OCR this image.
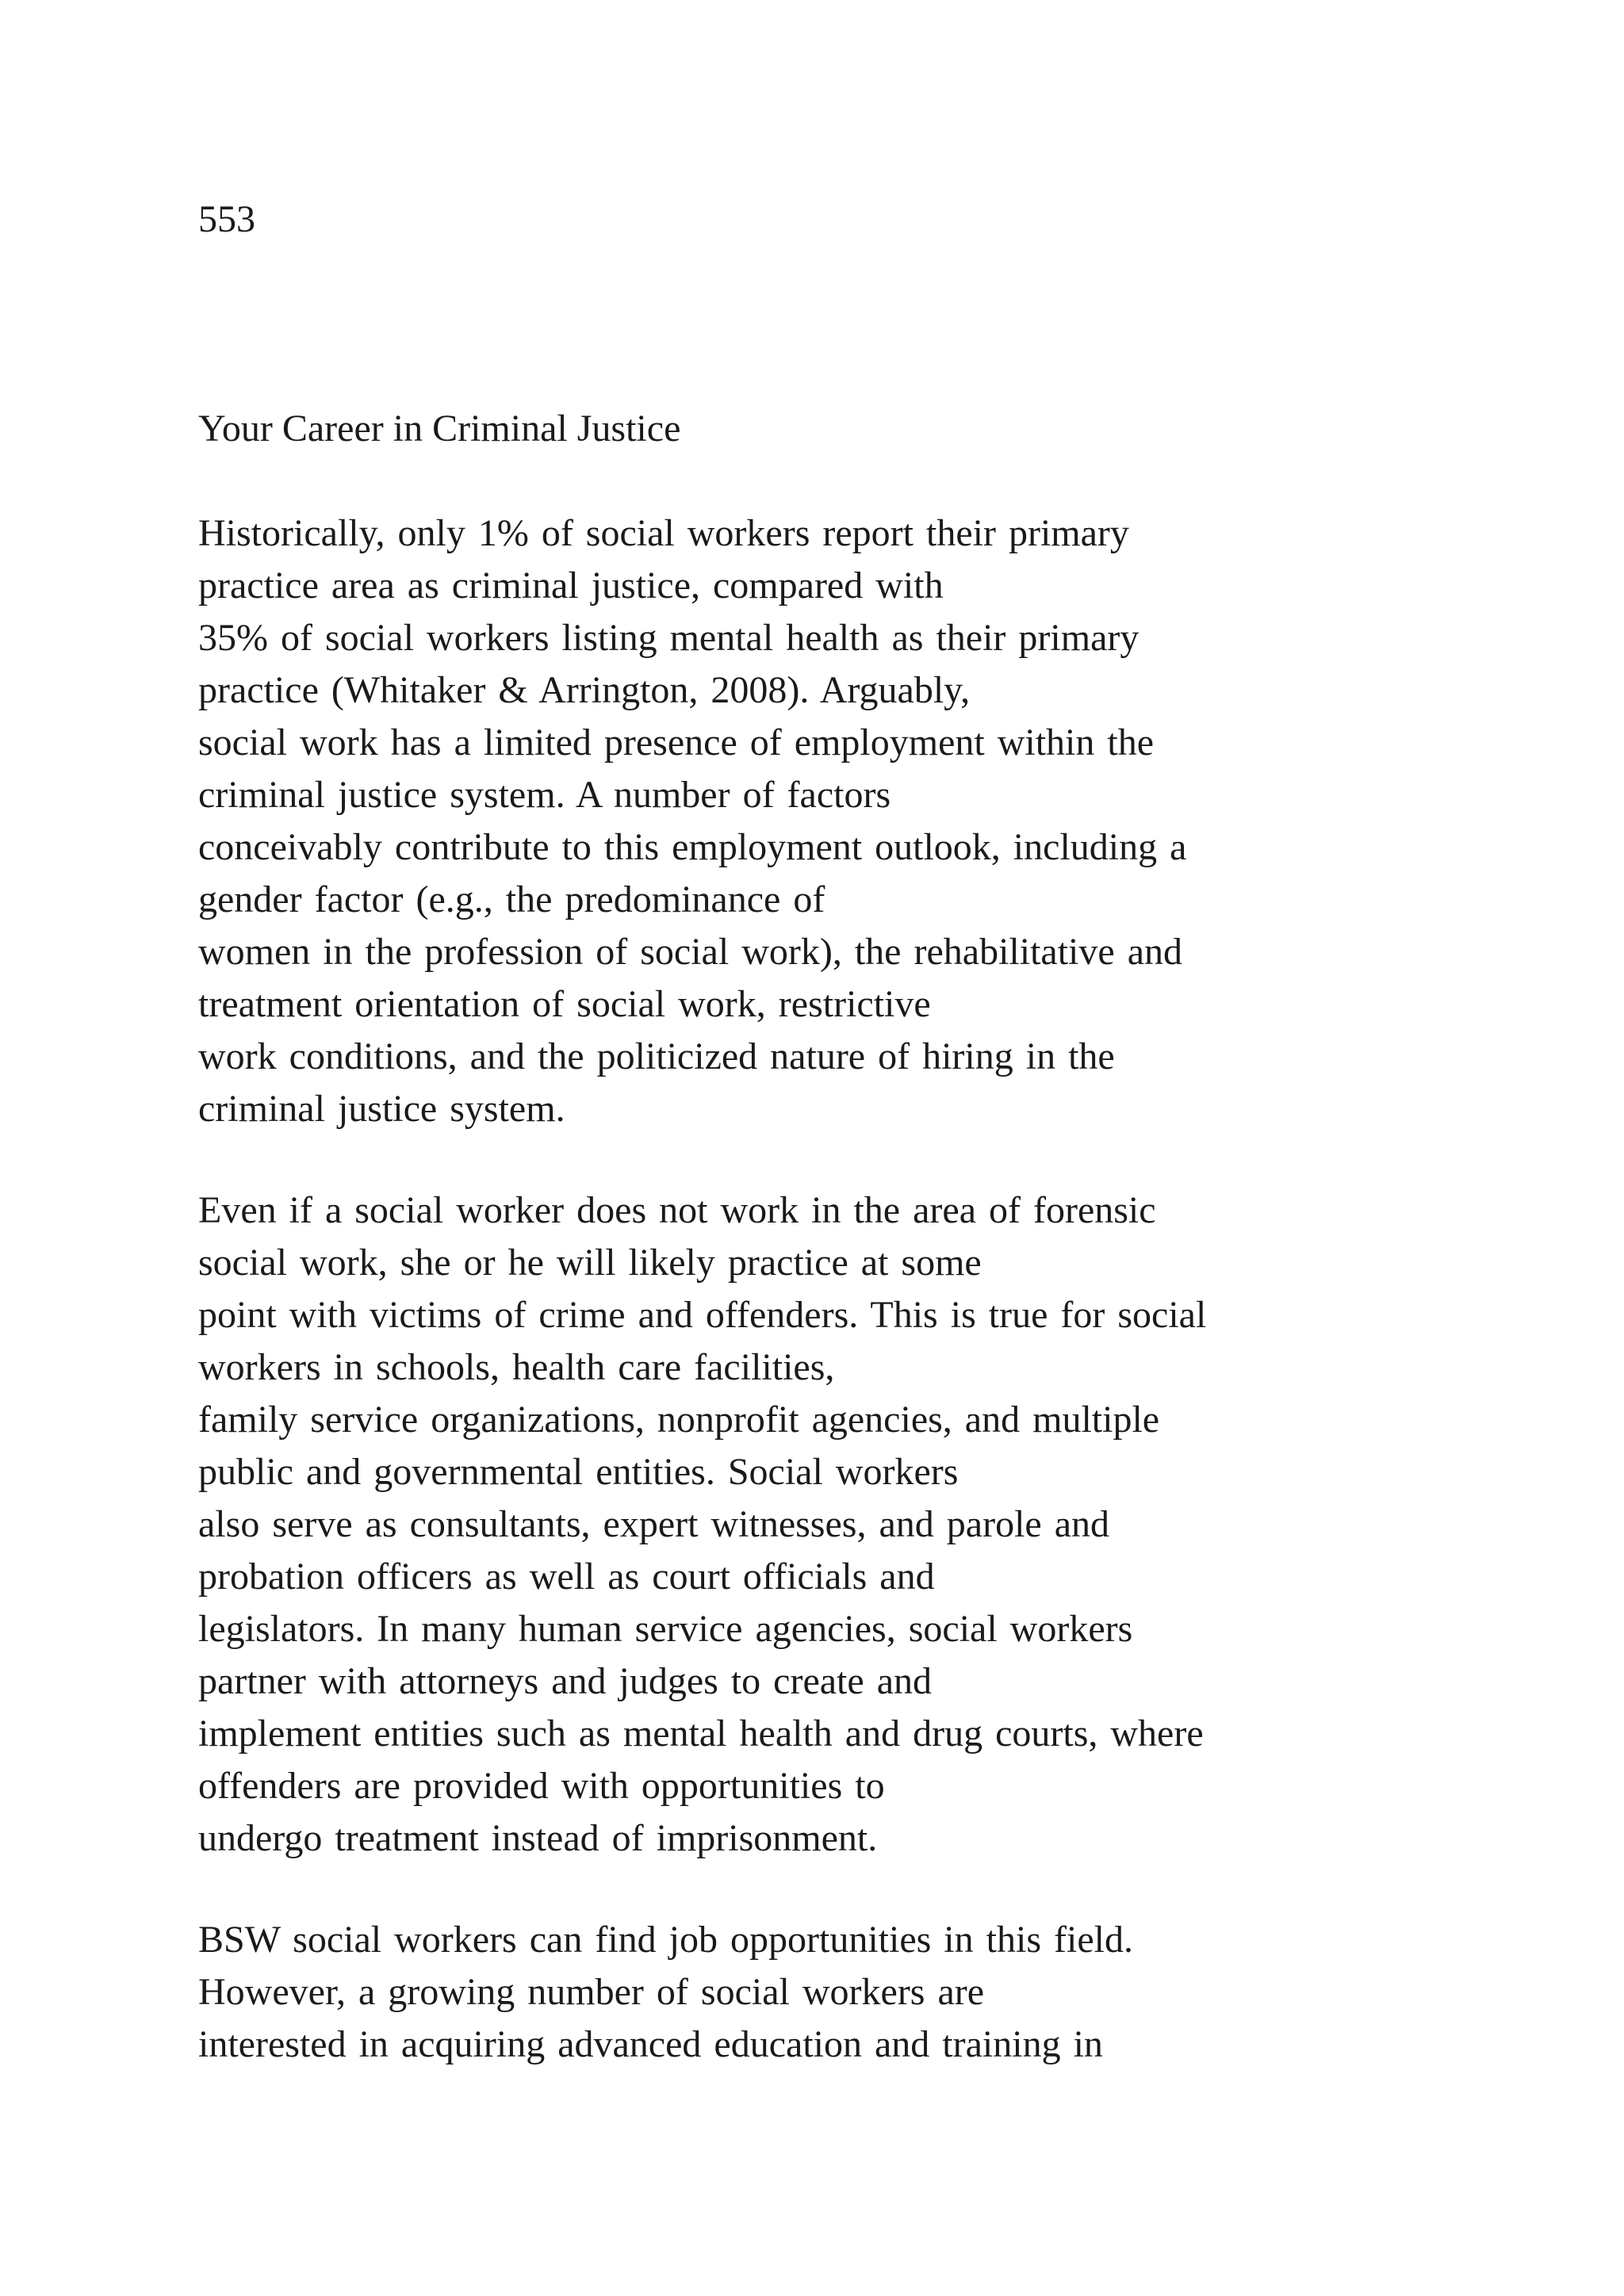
553

Your Career in Criminal Justice

Historically, only 1% of social workers report their primary
practice area as criminal justice, compared with
35% of social workers listing mental health as their primary
practice (Whitaker & Arrington, 2008). Arguably,
social work has a limited presence of employment within the
criminal justice system. A number of factors
conceivably contribute to this employment outlook, including a
gender factor (e.g., the predominance of
women in the profession of social work), the rehabilitative and
treatment orientation of social work, restrictive
work conditions, and the politicized nature of hiring in the
criminal justice system.

Even if a social worker does not work in the area of forensic
social work, she or he will likely practice at some
point with victims of crime and offenders. This is true for social
workers in schools, health care facilities,
family service organizations, nonprofit agencies, and multiple
public and governmental entities. Social workers
also serve as consultants, expert witnesses, and parole and
probation officers as well as court officials and
legislators. In many human service agencies, social workers
partner with attorneys and judges to create and
implement entities such as mental health and drug courts, where
offenders are provided with opportunities to
undergo treatment instead of imprisonment.

BSW social workers can find job opportunities in this field.
However, a growing number of social workers are
interested in acquiring advanced education and training in
